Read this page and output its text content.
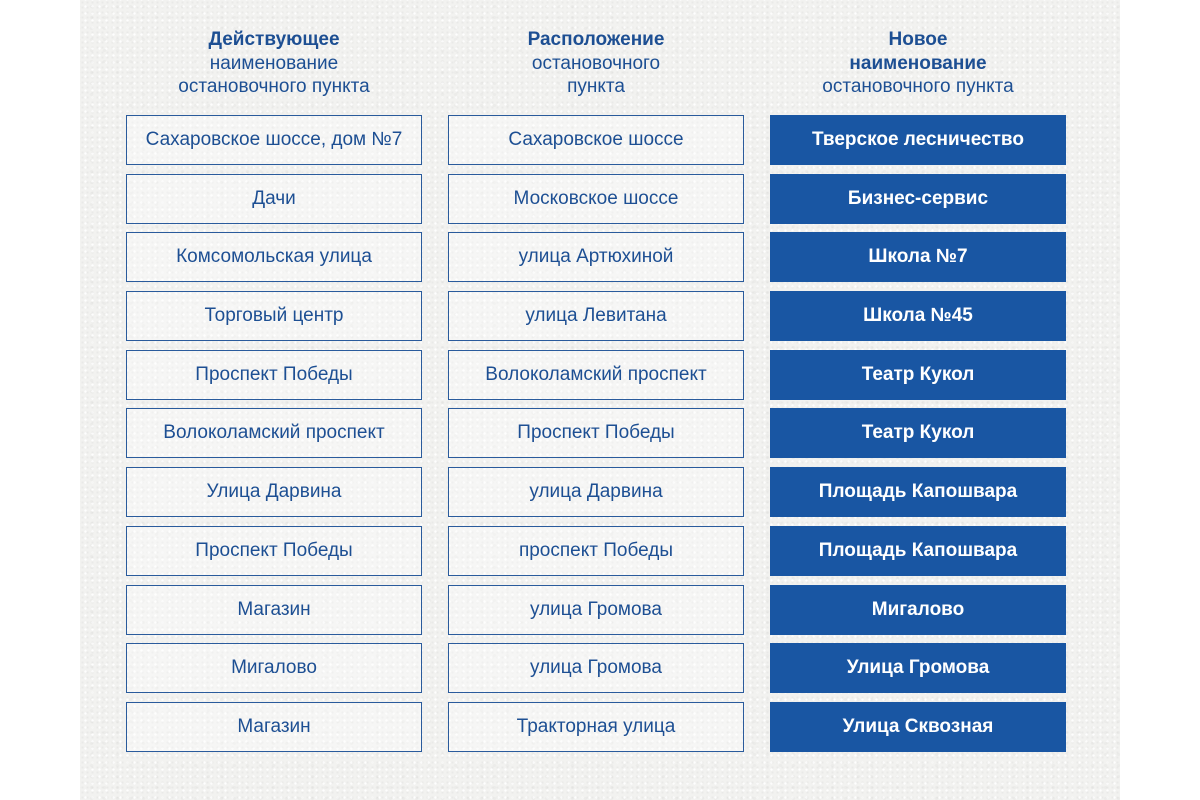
Действующее
наименование
остановочного пункта
Сахаровское шоссе, дом №7
Дачи
Комсомольская улица
Торговый центр
Проспект Победы
Волоколамский проспект
Улица Дарвина
Проспект Победы
Магазин
Мигалово
Магазин
Расположение
остановочного
пункта
Сахаровское шоссе
Московское шоссе
улица Артюхиной
улица Левитана
Волоколамский проспект
Проспект Победы
улица Дарвина
проспект Победы
улица Громова
улица Громова
Тракторная улица
Новое
наименование
остановочного пункта
Тверское лесничество
Бизнес-сервис
Школа №7
Школа №45
Театр Кукол
Театр Кукол
Площадь Капошвара
Площадь Капошвара
Мигалово
Улица Громова
Улица Сквозная
